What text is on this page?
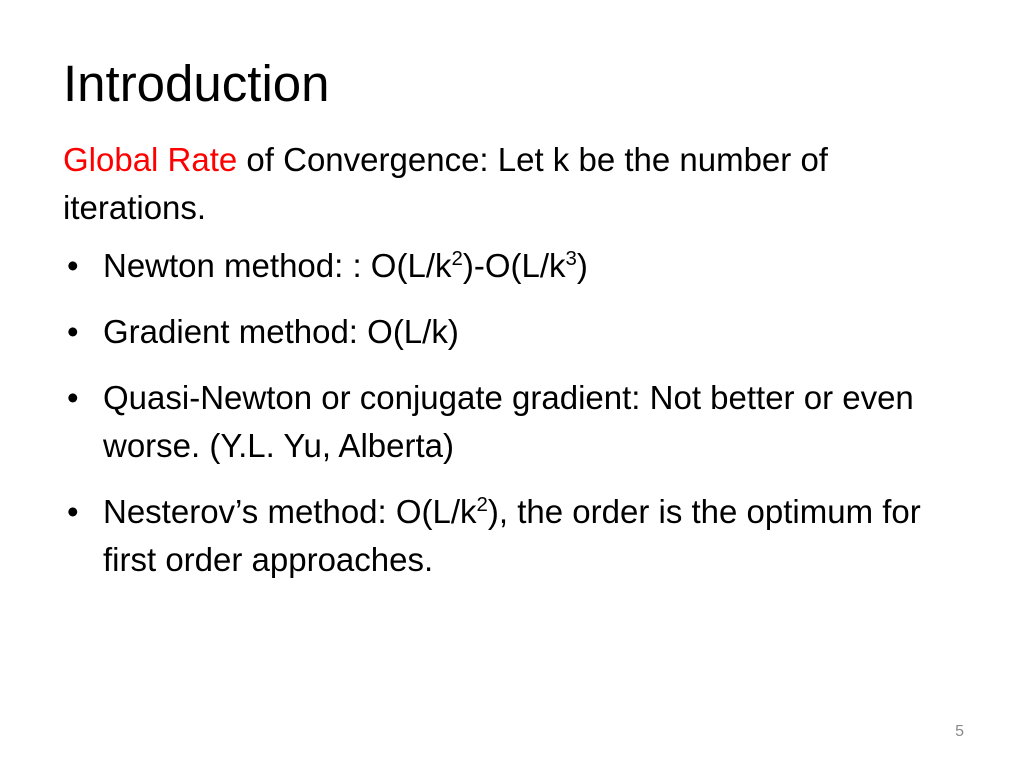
Introduction

Global Rate of Convergence: Let k be the number of iterations.

• Newton method: : $O(L/k^2)-O(L/k^3)$
• Gradient method: O(L/k)
• Quasi-Newton or conjugate gradient: Not better or even worse. (Y.L. Yu, Alberta)
• Nesterov’s method: $O(L/k^2)$, the order is the optimum for first order approaches.
5
